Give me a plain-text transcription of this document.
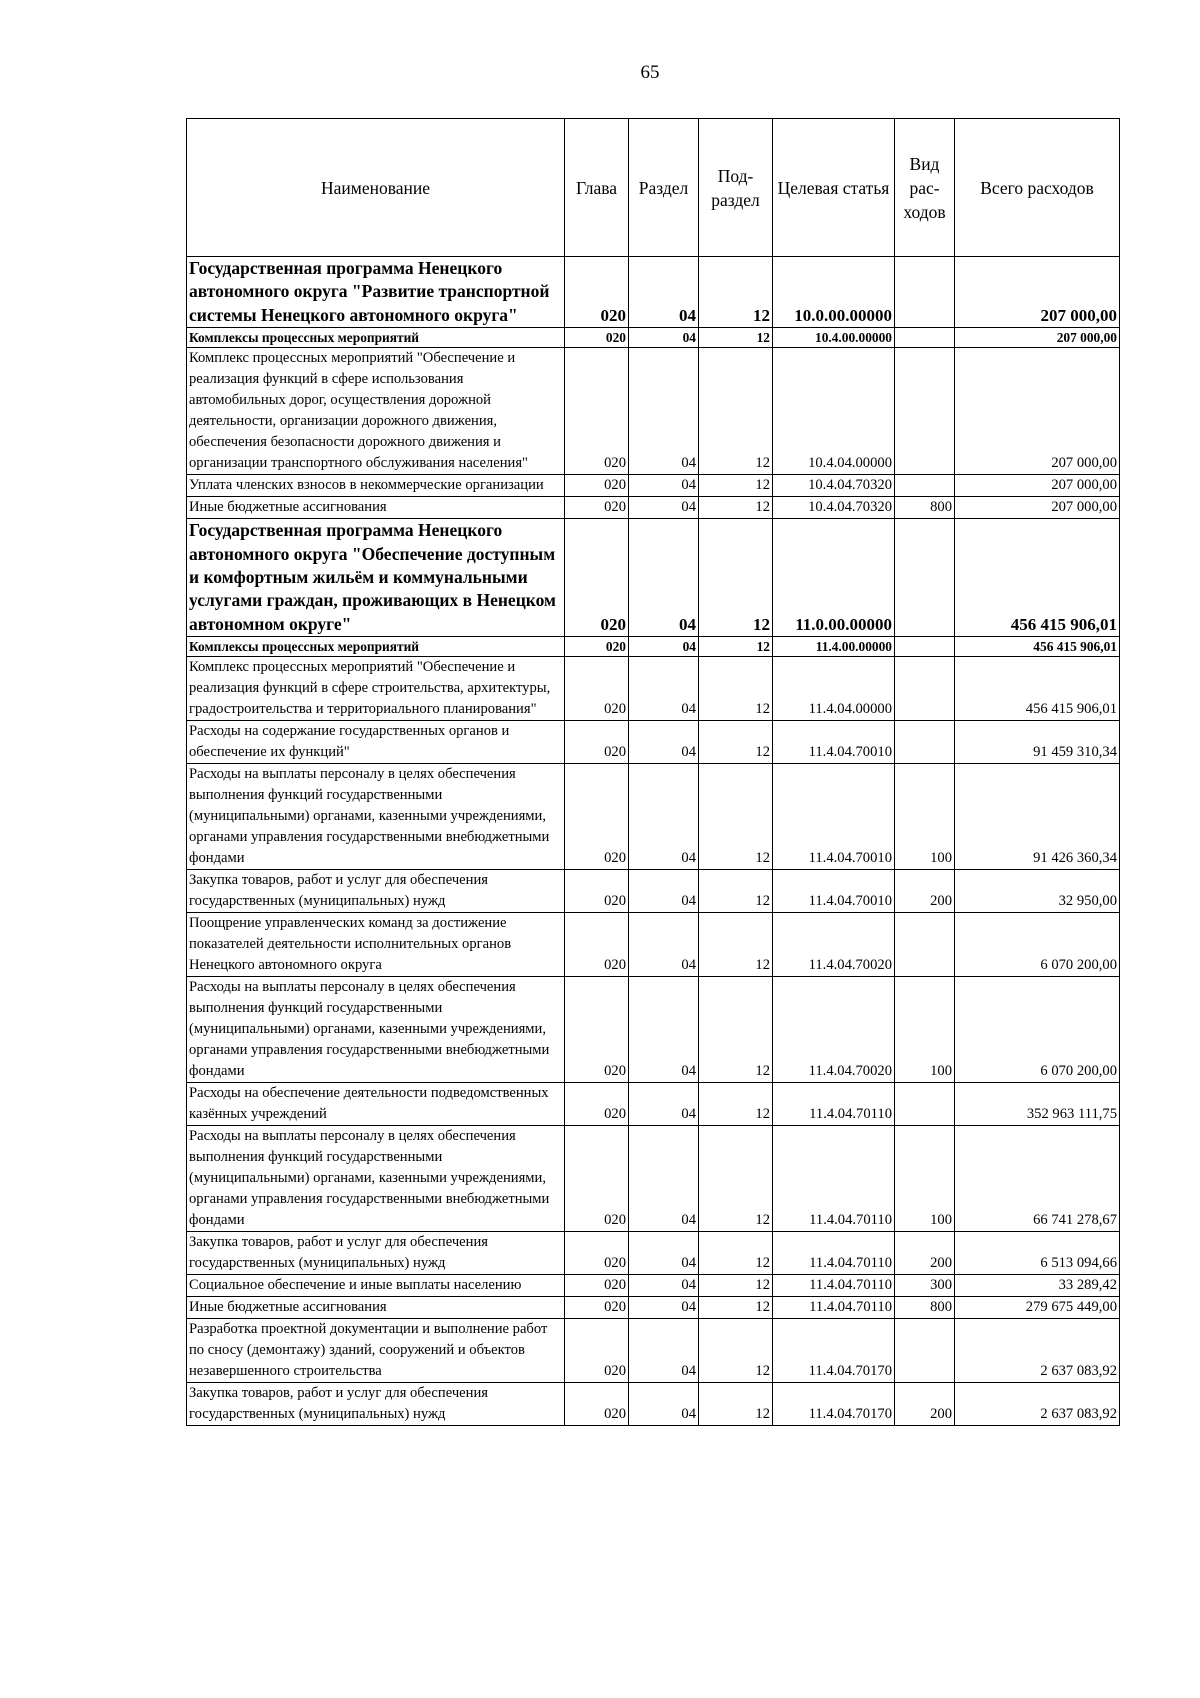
65
Наименование	Глава	Раздел	Под-раздел	Целевая статья	Вид рас-ходов	Всего расходов
Государственная программа Ненецкого автономного округа "Развитие транспортной системы Ненецкого автономного округа"	020	04	12	10.0.00.00000		207 000,00
Комплексы процессных мероприятий	020	04	12	10.4.00.00000		207 000,00
Комплекс процессных мероприятий "Обеспечение и реализация функций в сфере использования автомобильных дорог, осуществления дорожной деятельности, организации дорожного движения, обеспечения безопасности дорожного движения и организации транспортного обслуживания населения"	020	04	12	10.4.04.00000		207 000,00
Уплата членских взносов в некоммерческие организации	020	04	12	10.4.04.70320		207 000,00
Иные бюджетные ассигнования	020	04	12	10.4.04.70320	800	207 000,00
Государственная программа Ненецкого автономного округа "Обеспечение доступным и комфортным жильём и коммунальными услугами граждан, проживающих в Ненецком автономном округе"	020	04	12	11.0.00.00000		456 415 906,01
Комплексы процессных мероприятий	020	04	12	11.4.00.00000		456 415 906,01
Комплекс процессных мероприятий "Обеспечение и реализация функций в сфере строительства, архитектуры, градостроительства и территориального планирования"	020	04	12	11.4.04.00000		456 415 906,01
Расходы на содержание государственных органов и обеспечение их функций"	020	04	12	11.4.04.70010		91 459 310,34
Расходы на выплаты персоналу в целях обеспечения выполнения функций государственными (муниципальными) органами, казенными учреждениями, органами управления государственными внебюджетными фондами	020	04	12	11.4.04.70010	100	91 426 360,34
Закупка товаров, работ и услуг для обеспечения государственных (муниципальных) нужд	020	04	12	11.4.04.70010	200	32 950,00
Поощрение управленческих команд за достижение показателей деятельности исполнительных органов Ненецкого автономного округа	020	04	12	11.4.04.70020		6 070 200,00
Расходы на выплаты персоналу в целях обеспечения выполнения функций государственными (муниципальными) органами, казенными учреждениями, органами управления государственными внебюджетными фондами	020	04	12	11.4.04.70020	100	6 070 200,00
Расходы на обеспечение деятельности подведомственных казённых учреждений	020	04	12	11.4.04.70110		352 963 111,75
Расходы на выплаты персоналу в целях обеспечения выполнения функций государственными (муниципальными) органами, казенными учреждениями, органами управления государственными внебюджетными фондами	020	04	12	11.4.04.70110	100	66 741 278,67
Закупка товаров, работ и услуг для обеспечения государственных (муниципальных) нужд	020	04	12	11.4.04.70110	200	6 513 094,66
Социальное обеспечение и иные выплаты населению	020	04	12	11.4.04.70110	300	33 289,42
Иные бюджетные ассигнования	020	04	12	11.4.04.70110	800	279 675 449,00
Разработка проектной документации и выполнение работ по сносу (демонтажу) зданий, сооружений и объектов незавершенного строительства	020	04	12	11.4.04.70170		2 637 083,92
Закупка товаров, работ и услуг для обеспечения государственных (муниципальных) нужд	020	04	12	11.4.04.70170	200	2 637 083,92
